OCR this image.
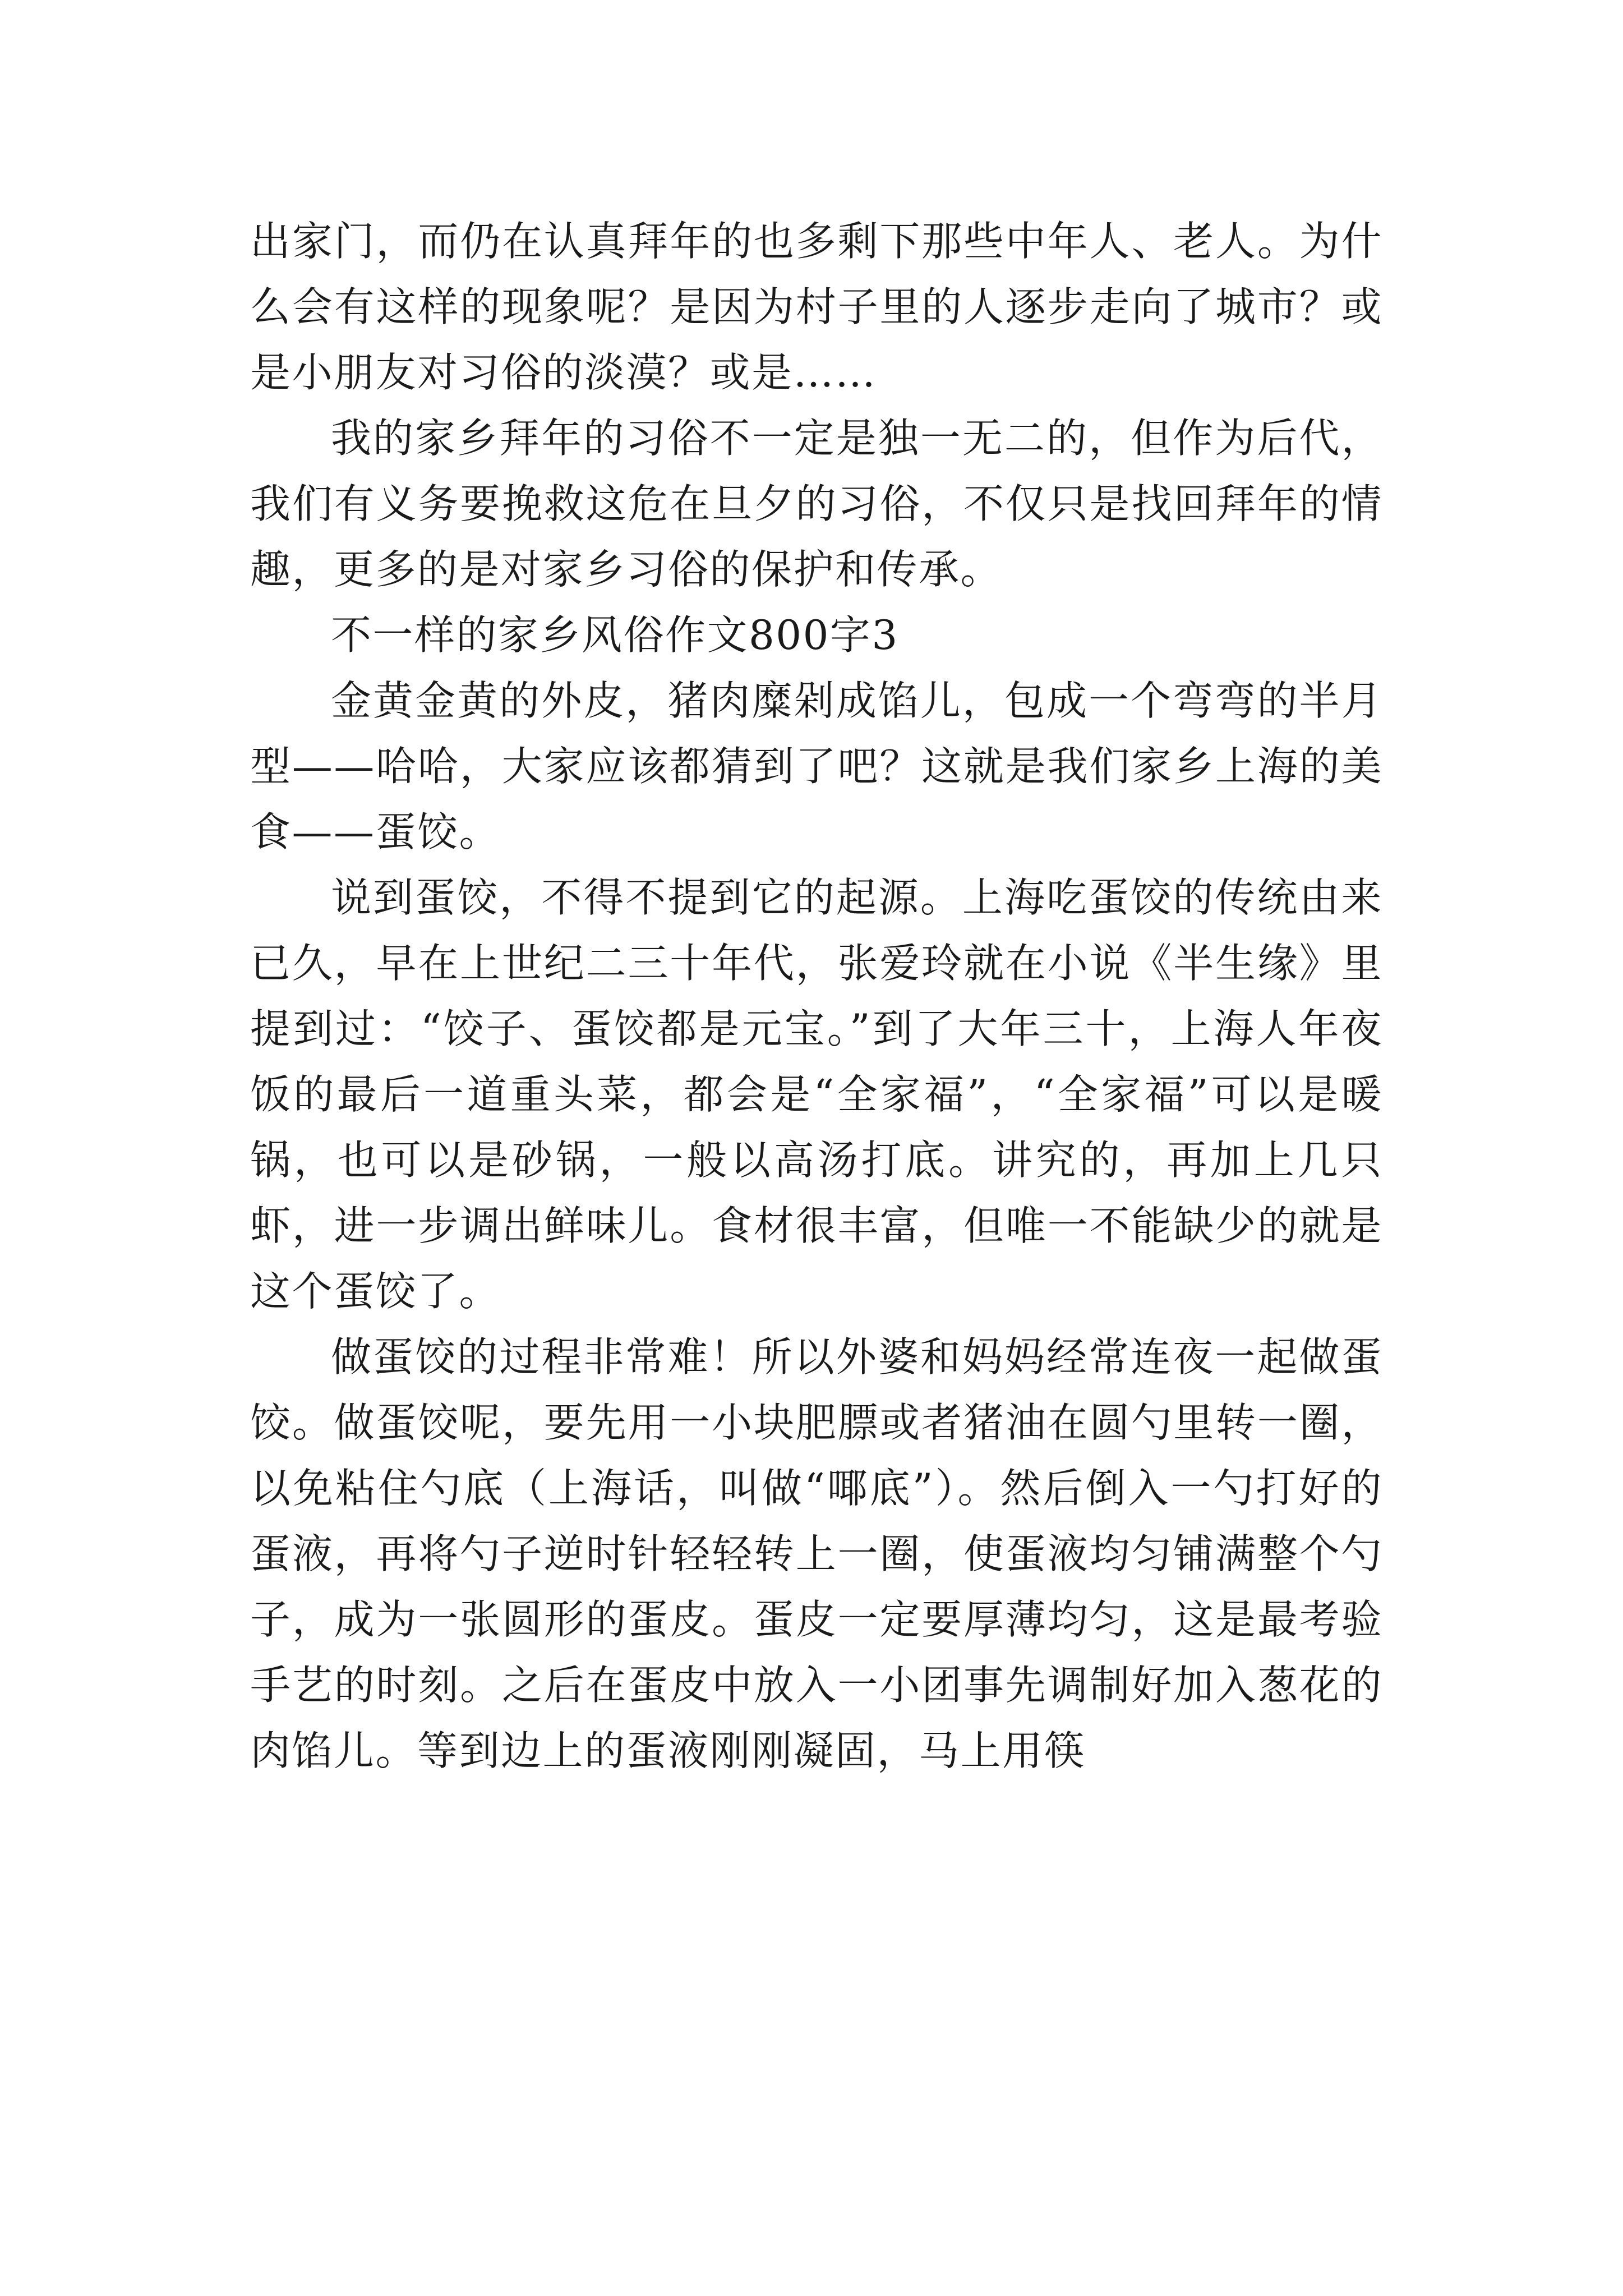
出家门，而仍在认真拜年的也多剩下那些中年人、老人。为什么会有这样的现象呢？是因为村子里的人逐步走向了城市？或是小朋友对习俗的淡漠？或是……

我的家乡拜年的习俗不一定是独一无二的，但作为后代，我们有义务要挽救这危在旦夕的习俗，不仅只是找回拜年的情趣，更多的是对家乡习俗的保护和传承。

不一样的家乡风俗作文800字3

金黄金黄的外皮，猪肉糜剁成馅儿，包成一个弯弯的半月型——哈哈，大家应该都猜到了吧？这就是我们家乡上海的美食——蛋饺。

说到蛋饺，不得不提到它的起源。上海吃蛋饺的传统由来已久，早在上世纪二三十年代，张爱玲就在小说《半生缘》里提到过：“饺子、蛋饺都是元宝。”到了大年三十，上海人年夜饭的最后一道重头菜，都会是“全家福”，“全家福”可以是暖锅，也可以是砂锅，一般以高汤打底。讲究的，再加上几只虾，进一步调出鲜味儿。食材很丰富，但唯一不能缺少的就是这个蛋饺了。

做蛋饺的过程非常难！所以外婆和妈妈经常连夜一起做蛋饺。做蛋饺呢，要先用一小块肥膘或者猪油在圆勺里转一圈，以免粘住勺底（上海话，叫做“㖿底”）。然后倒入一勺打好的蛋液，再将勺子逆时针轻轻转上一圈，使蛋液均匀铺满整个勺子，成为一张圆形的蛋皮。蛋皮一定要厚薄均匀，这是最考验手艺的时刻。之后在蛋皮中放入一小团事先调制好加入葱花的肉馅儿。等到边上的蛋液刚刚凝固，马上用筷
